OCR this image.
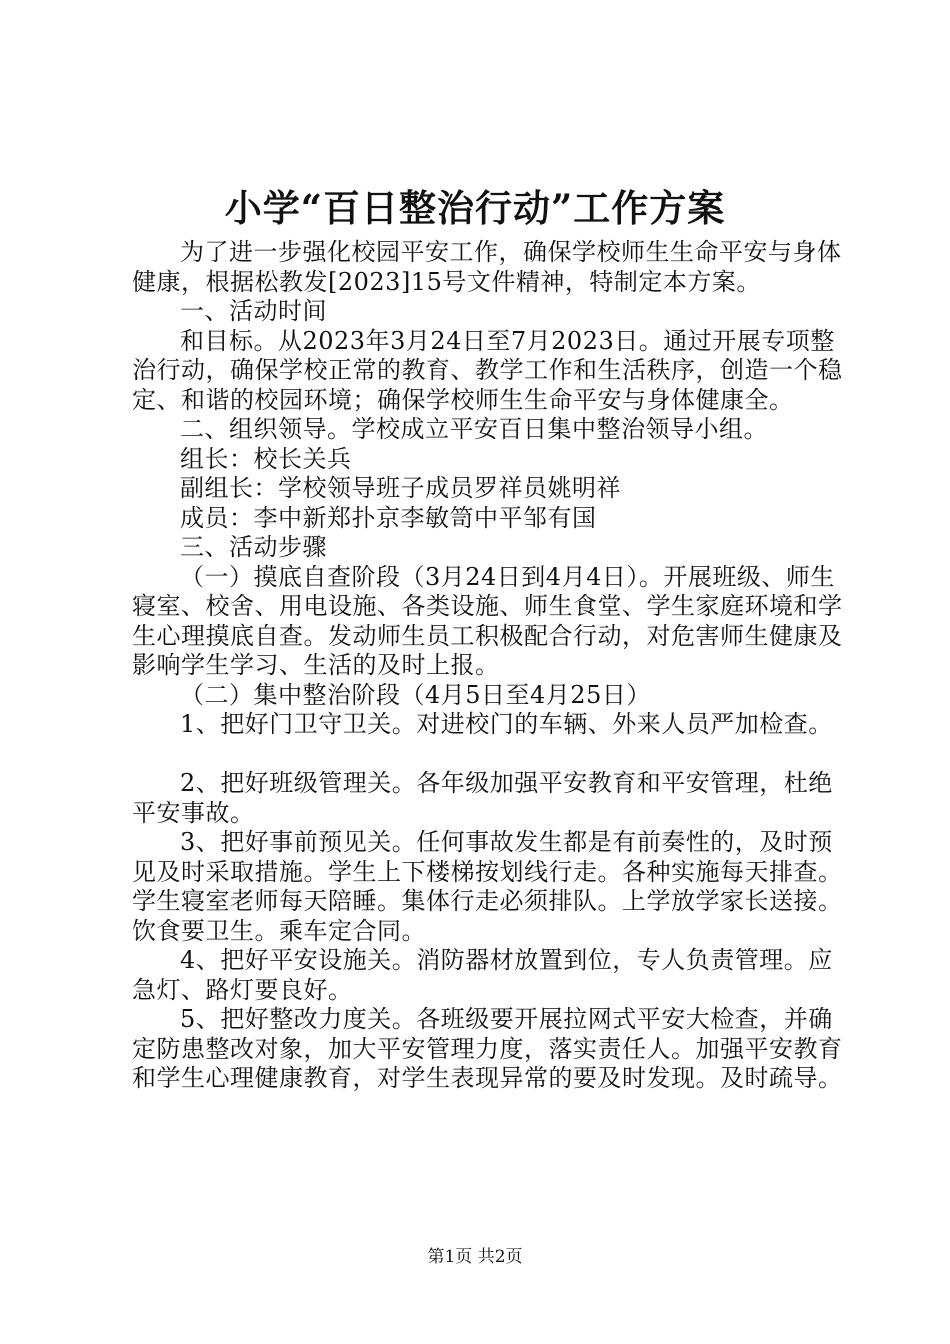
小学“百日整治行动”工作方案

为了进一步强化校园平安工作，确保学校师生生命平安与身体健康，根据松教发[2023]15号文件精神，特制定本方案。

一、活动时间

和目标。从2023年3月24日至7月2023日。通过开展专项整治行动，确保学校正常的教育、教学工作和生活秩序，创造一个稳定、和谐的校园环境；确保学校师生生命平安与身体健康全。

二、组织领导。学校成立平安百日集中整治领导小组。

组长：校长关兵

副组长：学校领导班子成员罗祥员姚明祥

成员：李中新郑扑京李敏笥中平邹有国

三、活动步骤

（一）摸底自查阶段（3月24日到4月4日）。开展班级、师生寝室、校舍、用电设施、各类设施、师生食堂、学生家庭环境和学生心理摸底自查。发动师生员工积极配合行动，对危害师生健康及影响学生学习、生活的及时上报。

（二）集中整治阶段（4月5日至4月25日）

1、把好门卫守卫关。对进校门的车辆、外来人员严加检查。

2、把好班级管理关。各年级加强平安教育和平安管理，杜绝平安事故。

3、把好事前预见关。任何事故发生都是有前奏性的，及时预见及时采取措施。学生上下楼梯按划线行走。各种实施每天排查。学生寝室老师每天陪睡。集体行走必须排队。上学放学家长送接。饮食要卫生。乘车定合同。

4、把好平安设施关。消防器材放置到位，专人负责管理。应急灯、路灯要良好。

5、把好整改力度关。各班级要开展拉网式平安大检查，并确定防患整改对象，加大平安管理力度，落实责任人。加强平安教育和学生心理健康教育，对学生表现异常的要及时发现。及时疏导。

第1页 共2页
